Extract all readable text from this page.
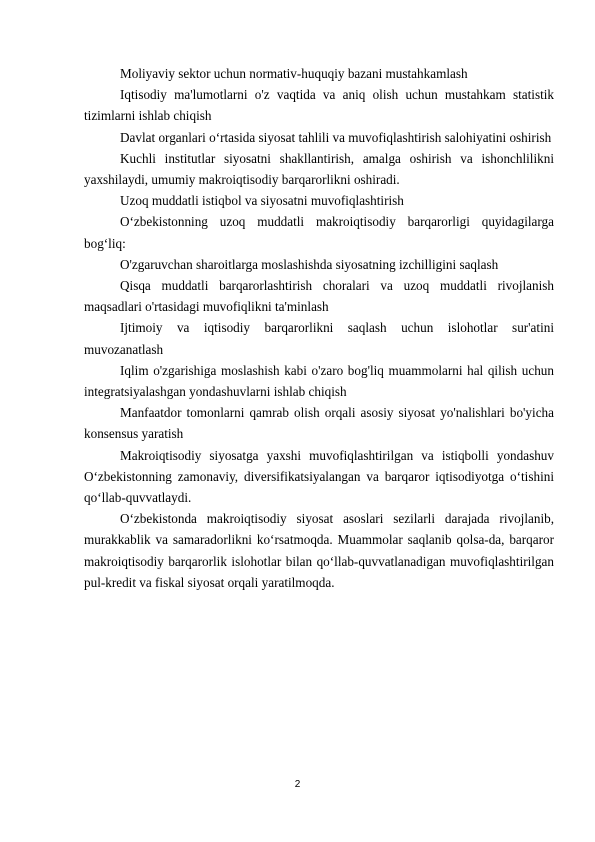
Moliyaviy sektor uchun normativ-huquqiy bazani mustahkamlash

Iqtisodiy ma'lumotlarni o'z vaqtida va aniq olish uchun mustahkam statistik tizimlarni ishlab chiqish

Davlat organlari o‘rtasida siyosat tahlili va muvofiqlashtirish salohiyatini oshirish

Kuchli institutlar siyosatni shakllantirish, amalga oshirish va ishonchlilikni yaxshilaydi, umumiy makroiqtisodiy barqarorlikni oshiradi.

Uzoq muddatli istiqbol va siyosatni muvofiqlashtirish

O‘zbekistonning uzoq muddatli makroiqtisodiy barqarorligi quyidagilarga bog‘liq:

O'zgaruvchan sharoitlarga moslashishda siyosatning izchilligini saqlash

Qisqa muddatli barqarorlashtirish choralari va uzoq muddatli rivojlanish maqsadlari o'rtasidagi muvofiqlikni ta'minlash

Ijtimoiy va iqtisodiy barqarorlikni saqlash uchun islohotlar sur'atini muvozanatlash

Iqlim o'zgarishiga moslashish kabi o'zaro bog'liq muammolarni hal qilish uchun integratsiyalashgan yondashuvlarni ishlab chiqish

Manfaatdor tomonlarni qamrab olish orqali asosiy siyosat yo'nalishlari bo'yicha konsensus yaratish

Makroiqtisodiy siyosatga yaxshi muvofiqlashtirilgan va istiqbolli yondashuv O‘zbekistonning zamonaviy, diversifikatsiyalangan va barqaror iqtisodiyotga o‘tishini qo‘llab-quvvatlaydi.

O‘zbekistonda makroiqtisodiy siyosat asoslari sezilarli darajada rivojlanib, murakkablik va samaradorlikni ko‘rsatmoqda. Muammolar saqlanib qolsa-da, barqaror makroiqtisodiy barqarorlik islohotlar bilan qo‘llab-quvvatlanadigan muvofiqlashtirilgan pul-kredit va fiskal siyosat orqali yaratilmoqda.

2
